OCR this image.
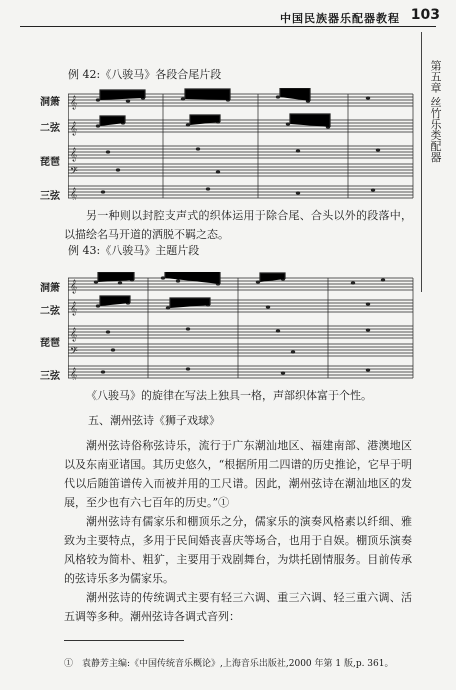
中国民族器乐配器教程 103
第五章 丝竹乐类配器
例 42:《八骏马》各段合尾片段
洞箫
二弦
琵琶
三弦
𝄞
𝄞
𝄞
𝄢
𝄞
另一种则以封腔支声式的织体运用于除合尾、合头以外的段落中，以描绘名马开道的洒脱不羁之态。
例 43:《八骏马》主题片段
洞箫
二弦
琵琶
三弦
𝄞
𝄞
𝄞
𝄢
𝄞
《八骏马》的旋律在写法上独具一格，声部织体富于个性。
五、潮州弦诗《狮子戏球》
潮州弦诗俗称弦诗乐，流行于广东潮汕地区、福建南部、港澳地区以及东南亚诸国。其历史悠久，“根据所用二四谱的历史推论，它早于明代以后随笛谱传入而被并用的工尺谱。因此，潮州弦诗在潮汕地区的发展，至少也有六七百年的历史。”①
潮州弦诗有儒家乐和棚顶乐之分，儒家乐的演奏风格素以纤细、雅致为主要特点，多用于民间婚丧喜庆等场合，也用于自娱。棚顶乐演奏风格较为简朴、粗犷，主要用于戏剧舞台，为烘托剧情服务。目前传承的弦诗乐多为儒家乐。
潮州弦诗的传统调式主要有轻三六调、重三六调、轻三重六调、活五调等多种。潮州弦诗各调式音列：
①　袁静芳主编:《中国传统音乐概论》,上海音乐出版社,2000 年第 1 版,p. 361。
